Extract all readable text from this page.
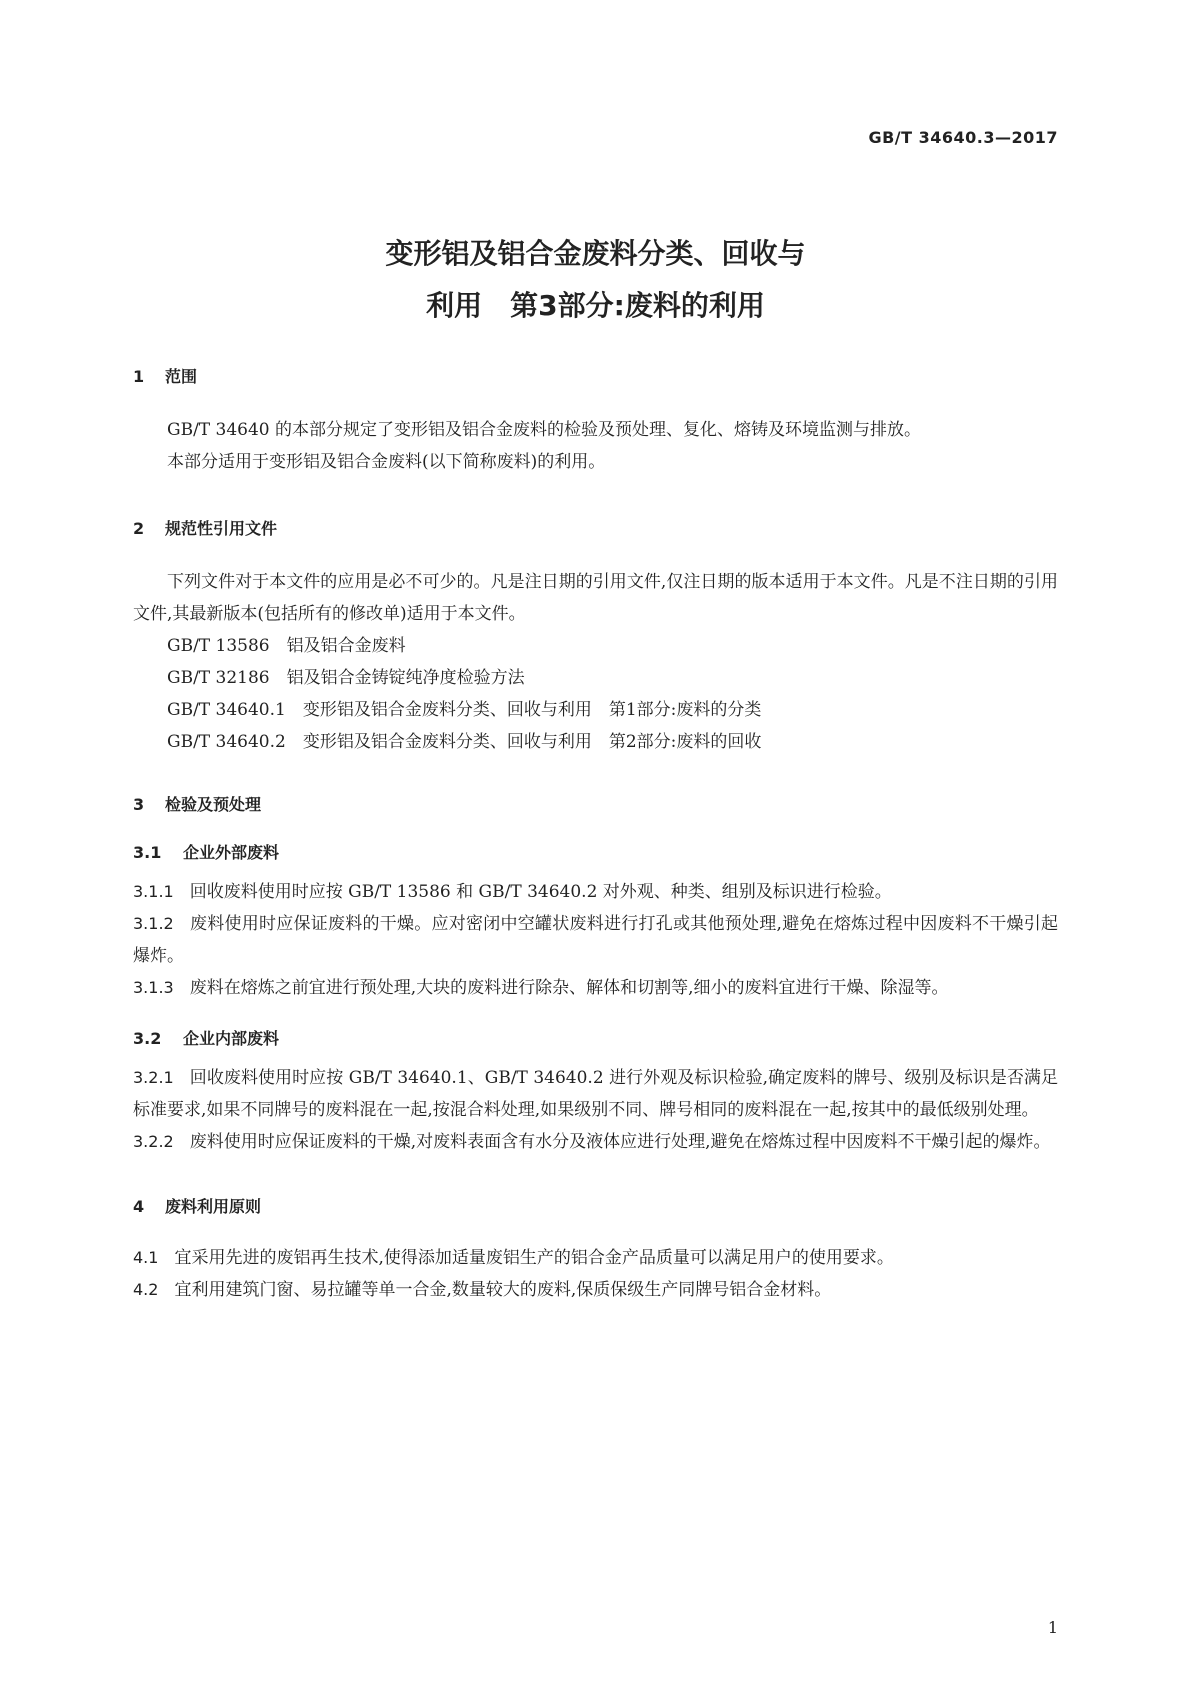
GB/T 34640.3—2017
变形铝及铝合金废料分类、回收与
利用　第3部分:废料的利用
1 范围

GB/T 34640 的本部分规定了变形铝及铝合金废料的检验及预处理、复化、熔铸及环境监测与排放。

本部分适用于变形铝及铝合金废料(以下简称废料)的利用。

2 规范性引用文件

下列文件对于本文件的应用是必不可少的。凡是注日期的引用文件,仅注日期的版本适用于本文件。凡是不注日期的引用文件,其最新版本(包括所有的修改单)适用于本文件。

GB/T 13586　铝及铝合金废料

GB/T 32186　铝及铝合金铸锭纯净度检验方法

GB/T 34640.1　变形铝及铝合金废料分类、回收与利用　第1部分:废料的分类

GB/T 34640.2　变形铝及铝合金废料分类、回收与利用　第2部分:废料的回收

3 检验及预处理
3.1 企业外部废料

3.1.1 回收废料使用时应按 GB/T 13586 和 GB/T 34640.2 对外观、种类、组别及标识进行检验。

3.1.2 废料使用时应保证废料的干燥。应对密闭中空罐状废料进行打孔或其他预处理,避免在熔炼过程中因废料不干燥引起爆炸。

3.1.3 废料在熔炼之前宜进行预处理,大块的废料进行除杂、解体和切割等,细小的废料宜进行干燥、除湿等。

3.2 企业内部废料

3.2.1 回收废料使用时应按 GB/T 34640.1、GB/T 34640.2 进行外观及标识检验,确定废料的牌号、级别及标识是否满足标准要求,如果不同牌号的废料混在一起,按混合料处理,如果级别不同、牌号相同的废料混在一起,按其中的最低级别处理。

3.2.2 废料使用时应保证废料的干燥,对废料表面含有水分及液体应进行处理,避免在熔炼过程中因废料不干燥引起的爆炸。

4 废料利用原则

4.1 宜采用先进的废铝再生技术,使得添加适量废铝生产的铝合金产品质量可以满足用户的使用要求。

4.2 宜利用建筑门窗、易拉罐等单一合金,数量较大的废料,保质保级生产同牌号铝合金材料。

1
